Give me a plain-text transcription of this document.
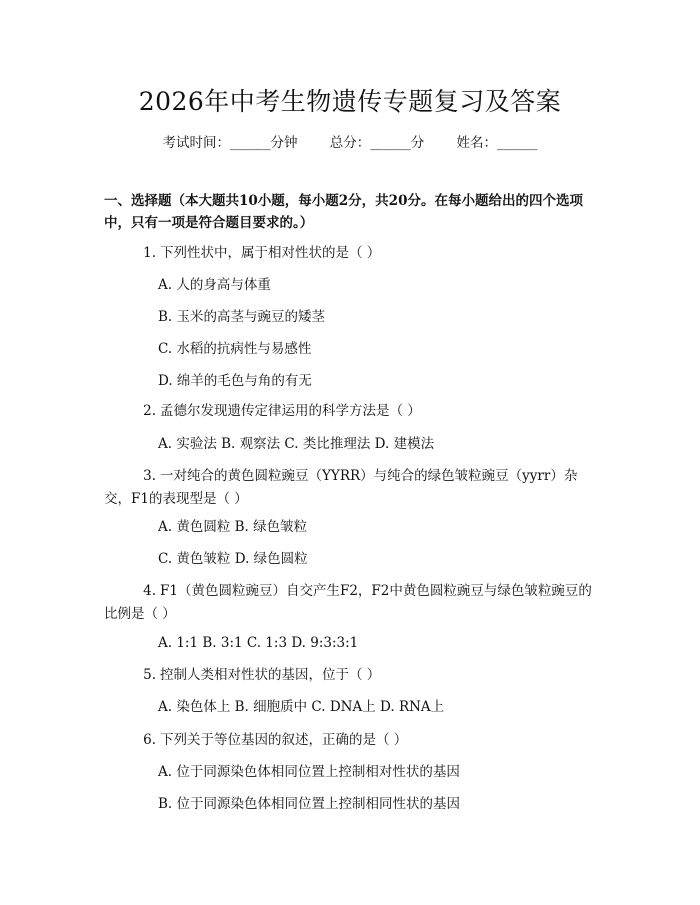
2026年中考生物遗传专题复习及答案
考试时间：______分钟 总分：______分 姓名：______
一、选择题（本大题共10小题，每小题2分，共20分。在每小题给出的四个选项中，只有一项是符合题目要求的。）
1. 下列性状中，属于相对性状的是（ ）
A. 人的身高与体重
B. 玉米的高茎与豌豆的矮茎
C. 水稻的抗病性与易感性
D. 绵羊的毛色与角的有无
2. 孟德尔发现遗传定律运用的科学方法是（ ）
A. 实验法 B. 观察法 C. 类比推理法 D. 建模法
3. 一对纯合的黄色圆粒豌豆（YYRR）与纯合的绿色皱粒豌豆（yyrr）杂交，F1的表现型是（ ）
A. 黄色圆粒 B. 绿色皱粒
C. 黄色皱粒 D. 绿色圆粒
4. F1（黄色圆粒豌豆）自交产生F2，F2中黄色圆粒豌豆与绿色皱粒豌豆的比例是（ ）
A. 1:1 B. 3:1 C. 1:3 D. 9:3:3:1
5. 控制人类相对性状的基因，位于（ ）
A. 染色体上 B. 细胞质中 C. DNA上 D. RNA上
6. 下列关于等位基因的叙述，正确的是（ ）
A. 位于同源染色体相同位置上控制相对性状的基因
B. 位于同源染色体相同位置上控制相同性状的基因
